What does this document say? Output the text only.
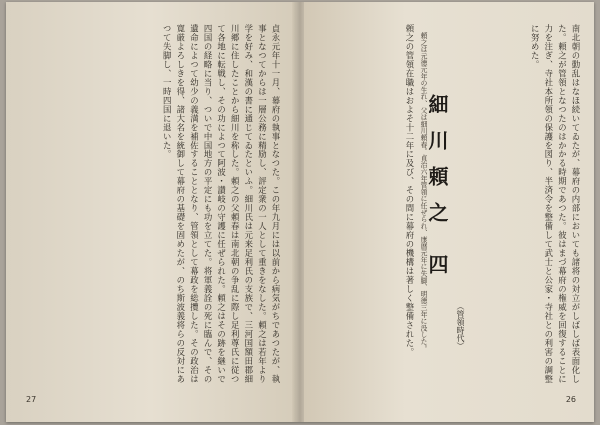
貞永元年十一月、幕府の執事となつた。この年九月には以前から病気がちであつたが、執事となつてからは一層公務に精励し、評定衆の一人として重きをなした。頼之は若年より学を好み、和漢の書に通じてゐたといふ。細川氏は元来足利氏の支族で、三河国額田郡細川郷に住したことから細川を称した。頼之の父頼春は南北朝の争乱に際し足利尊氏に従つて各地に転戦し、その功によつて阿波・讃岐の守護に任ぜられた。頼之はその跡を継いで四国の経略に当り、ついで中国地方の平定にも功を立てた。将軍義詮の死に臨んで、その遺命によつて幼少の義満を補佐することとなり、管領として幕政を総攬した。その政治は寛厳よろしきを得、諸大名を統御して幕府の基礎を固めたが、のち斯波義将らの反対にあつて失脚し、一時四国に退いた。
27
南北朝の動乱はなほ続いてゐたが、幕府の内部においても諸将の対立がしばしば表面化した。頼之が管領となつたのはかかる時期であつた。彼はまづ幕府の権威を回復することに力を注ぎ、寺社本所領の保護を図り、半済令を整備して武士と公家・寺社との利害の調整に努めた。
細川頼之
四
（管領時代）
頼之は元徳元年の生れ、父は細川頼春。貞治六年管領に任ぜられ、康暦元年に失脚、明徳三年に没した。
頼之の管領在職はおよそ十二年に及び、その間に幕府の機構は著しく整備された。
26
